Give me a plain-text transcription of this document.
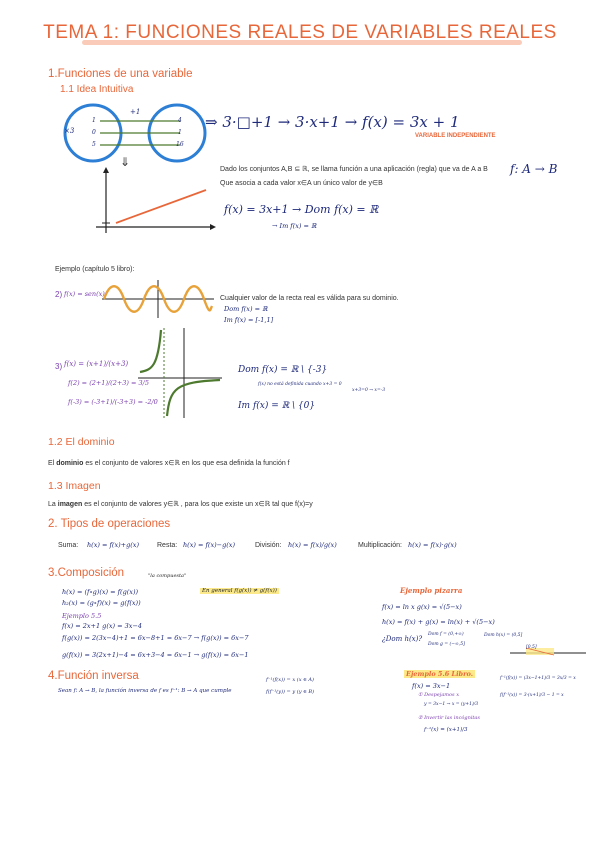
TEMA 1: FUNCIONES REALES DE VARIABLES REALES
1.Funciones de una variable
1.1 Idea Intuitiva
×3
+1
1
0
5
4
1
16
⇓
⇒ 3·□+1 → 3·x+1 → f(x) = 3x + 1
VARIABLE INDEPENDIENTE
Dado los conjuntos A,B ⊆ ℝ, se llama función a una aplicación (regla) que va de A a B	f: A → B
Que asocia a cada valor x∈A un único valor de y∈B
f(x) = 3x+1 → Dom f(x) = ℝ
→ Im f(x) = ℝ
Ejemplo (capítulo 5 libro):
2) f(x) = sen(x)
Cualquier valor de la recta real es válida para su dominio.
Dom f(x) = ℝ
Im f(x) = [-1,1]
3) f(x) = (x+1)/(x+3)
f(2) = (2+1)/(2+3) = 3/5
f(-3) = (-3+1)/(-3+3) = -2/0
Dom f(x) = ℝ \ {-3}
f(x) no está definida cuando x+3 = 0
x+3=0 → x=-3
Im f(x) = ℝ \ {0}
1.2 El dominio
El dominio es el conjunto de valores x∈ℝ en los que esa definida la función f
1.3 Imagen
La imagen es el conjunto de valores y∈ℝ , para los que existe un x∈ℝ tal que f(x)=y
2. Tipos de operaciones
Suma: h(x) = f(x)+g(x)	Resta: h(x) = f(x)−g(x)	División: h(x) = f(x)/g(x)	Multiplicación: h(x) = f(x)·g(x)
3.Composición	"la compuesta"
En general f(g(x)) ≠ g(f(x))
h(x) = (f∘g)(x) = f(g(x))
h₂(x) = (g∘f)(x) = g(f(x))
Ejemplo 5.5
f(x) = 2x+1 g(x) = 3x−4
f(g(x)) = 2(3x−4)+1 = 6x−8+1 = 6x−7 → f(g(x)) = 6x−7
g(f(x)) = 3(2x+1)−4 = 6x+3−4 = 6x−1 → g(f(x)) = 6x−1
Ejemplo pizarra
f(x) = ln x g(x) = √(5−x)
h(x) = f(x) + g(x) = ln(x) + √(5−x)
¿Dom h(x)?
Dom f = (0,+∞)
Dom g = (−∞,5]
Dom h(x) = (0,5]
[0,5]
4.Función inversa
Sean f: A → B, la función inversa de f es f⁻¹: B → A que cumple
f⁻¹(f(x)) = x (x ∈ A)
f(f⁻¹(y)) = y (y ∈ B)
Ejemplo 5.6 Libro.
f(x) = 3x−1
f⁻¹(f(x)) = (3x−1+1)/3 = 3x/3 = x
f(f⁻¹(x)) = 3·(x+1)/3 − 1 = x
① Despejamos x
y = 3x−1 → x = (y+1)/3
② Invertir las incógnitas
f⁻¹(x) = (x+1)/3
